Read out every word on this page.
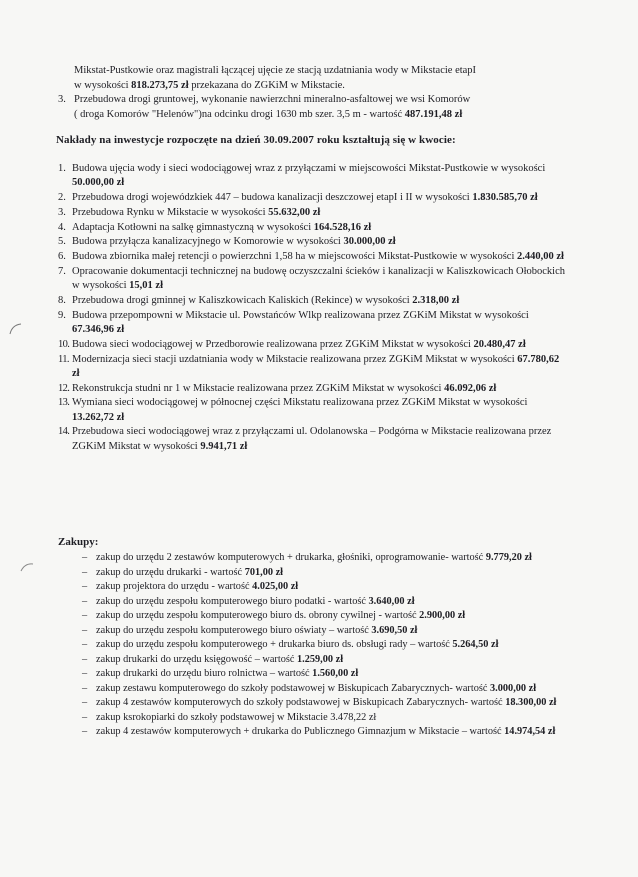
Mikstat-Pustkowie oraz magistrali łączącej ujęcie ze stacją uzdatniania wody w Mikstacie etapI
w wysokości 818.273,75 zł przekazana do ZGKiM w Mikstacie.
3. Przebudowa drogi gruntowej, wykonanie nawierzchni mineralno-asfaltowej we wsi Komorów
( droga Komorów "Helenów")na odcinku drogi 1630 mb szer. 3,5 m - wartość 487.191,48 zł
Nakłady na inwestycje rozpoczęte na dzień 30.09.2007 roku kształtują się w kwocie:
1. Budowa ujęcia wody i sieci wodociągowej wraz z przyłączami w miejscowości Mikstat-Pustkowie w wysokości 50.000,00 zł
2. Przebudowa drogi wojewódzkiek 447 – budowa kanalizacji deszczowej etapI i II w wysokości 1.830.585,70 zł
3. Przebudowa Rynku w Mikstacie w wysokości 55.632,00 zł
4. Adaptacja Kotłowni na salkę gimnastyczną w wysokości 164.528,16 zł
5. Budowa przyłącza kanalizacyjnego w Komorowie w wysokości 30.000,00 zł
6. Budowa zbiornika małej retencji o powierzchni 1,58 ha w miejscowości Mikstat-Pustkowie w wysokości 2.440,00 zł
7. Opracowanie dokumentacji technicznej na budowę oczyszczalni ścieków i kanalizacji w Kaliszkowicach Ołobockich w wysokości 15,01 zł
8. Przebudowa drogi gminnej w Kaliszkowicach Kaliskich (Rekince) w wysokości 2.318,00 zł
9. Budowa przepompowni w Mikstacie ul. Powstańców Wlkp realizowana przez ZGKiM Mikstat w wysokości 67.346,96 zł
10. Budowa sieci wodociągowej w Przedborowie realizowana przez ZGKiM Mikstat w wysokości 20.480,47 zł
11. Modernizacja sieci stacji uzdatniania wody w Mikstacie realizowana przez ZGKiM Mikstat w wysokości 67.780,62 zł
12. Rekonstrukcja studni nr 1 w Mikstacie realizowana przez ZGKiM Mikstat w wysokości 46.092,06 zł
13. Wymiana sieci wodociągowej w północnej części Mikstatu realizowana przez ZGKiM Mikstat w wysokości 13.262,72 zł
14. Przebudowa sieci wodociągowej wraz z przyłączami ul. Odolanowska – Podgórna w Mikstacie realizowana przez ZGKiM Mikstat w wysokości 9.941,71 zł
Zakupy:
– zakup do urzędu 2 zestawów komputerowych + drukarka, głośniki, oprogramowanie- wartość 9.779,20 zł
– zakup do urzędu drukarki - wartość 701,00 zł
– zakup projektora do urzędu - wartość 4.025,00 zł
– zakup do urzędu zespołu komputerowego biuro podatki - wartość 3.640,00 zł
– zakup do urzędu zespołu komputerowego biuro ds. obrony cywilnej - wartość 2.900,00 zł
– zakup do urzędu zespołu komputerowego biuro oświaty – wartość 3.690,50 zł
– zakup do urzędu zespołu komputerowego + drukarka biuro ds. obsługi rady – wartość 5.264,50 zł
– zakup drukarki do urzędu księgowość – wartość 1.259,00 zł
– zakup drukarki do urzędu biuro rolnictwa – wartość 1.560,00 zł
– zakup zestawu komputerowego do szkoły podstawowej w Biskupicach Zabarycznych- wartość 3.000,00 zł
– zakup 4 zestawów komputerowych do szkoły podstawowej w Biskupicach Zabarycznych- wartość 18.300,00 zł
– zakup ksrokopiarki do szkoły podstawowej w Mikstacie 3.478,22 zł
– zakup 4 zestawów komputerowych + drukarka do Publicznego Gimnazjum w Mikstacie – wartość 14.974,54 zł
